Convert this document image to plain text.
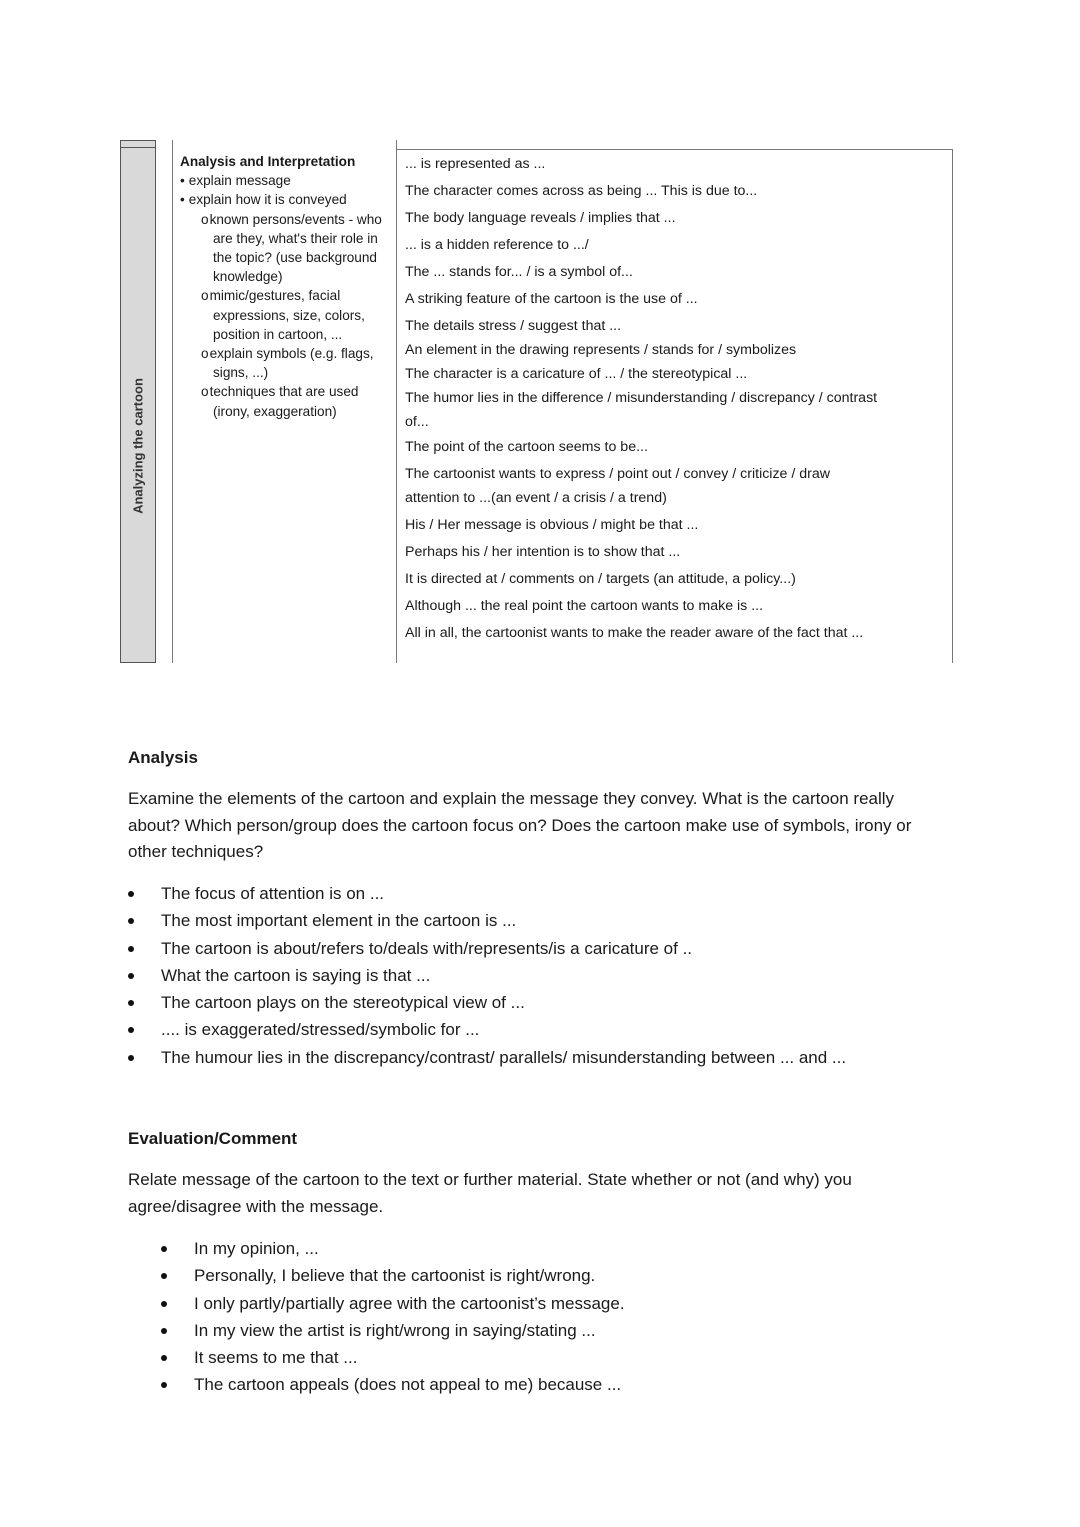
Analyzing the cartoon
Analysis and Interpretation
• explain message
• explain how it is conveyed
o known persons/events - who are they, what's their role in the topic? (use background knowledge)
o mimic/gestures, facial expressions, size, colors, position in cartoon, ...
o explain symbols (e.g. flags, signs, ...)
o techniques that are used (irony, exaggeration)
... is represented as ...
The character comes across as being ... This is due to...
The body language reveals / implies that ...
... is a hidden reference to .../
The ... stands for... / is a symbol of...
A striking feature of the cartoon is the use of ...
The details stress / suggest that ...
An element in the drawing represents / stands for / symbolizes
The character is a caricature of ... / the stereotypical ...
The humor lies in the difference / misunderstanding / discrepancy / contrast
of...
The point of the cartoon seems to be...
The cartoonist wants to express / point out / convey / criticize / draw
attention to ...(an event / a crisis / a trend)
His / Her message is obvious / might be that ...
Perhaps his / her intention is to show that ...
It is directed at / comments on / targets (an attitude, a policy...)
Although ... the real point the cartoon wants to make is ...
All in all, the cartoonist wants to make the reader aware of the fact that ...
Analysis
Examine the elements of the cartoon and explain the message they convey. What is the cartoon really about? Which person/group does the cartoon focus on? Does the cartoon make use of symbols, irony or other techniques?
The focus of attention is on ...
The most important element in the cartoon is ...
The cartoon is about/refers to/deals with/represents/is a caricature of ..
What the cartoon is saying is that ...
The cartoon plays on the stereotypical view of ...
.... is exaggerated/stressed/symbolic for ...
The humour lies in the discrepancy/contrast/ parallels/ misunderstanding between ... and ...
Evaluation/Comment
Relate message of the cartoon to the text or further material. State whether or not (and why) you agree/disagree with the message.
In my opinion, ...
Personally, I believe that the cartoonist is right/wrong.
I only partly/partially agree with the cartoonist’s message.
In my view the artist is right/wrong in saying/stating ...
It seems to me that ...
The cartoon appeals (does not appeal to me) because ...
